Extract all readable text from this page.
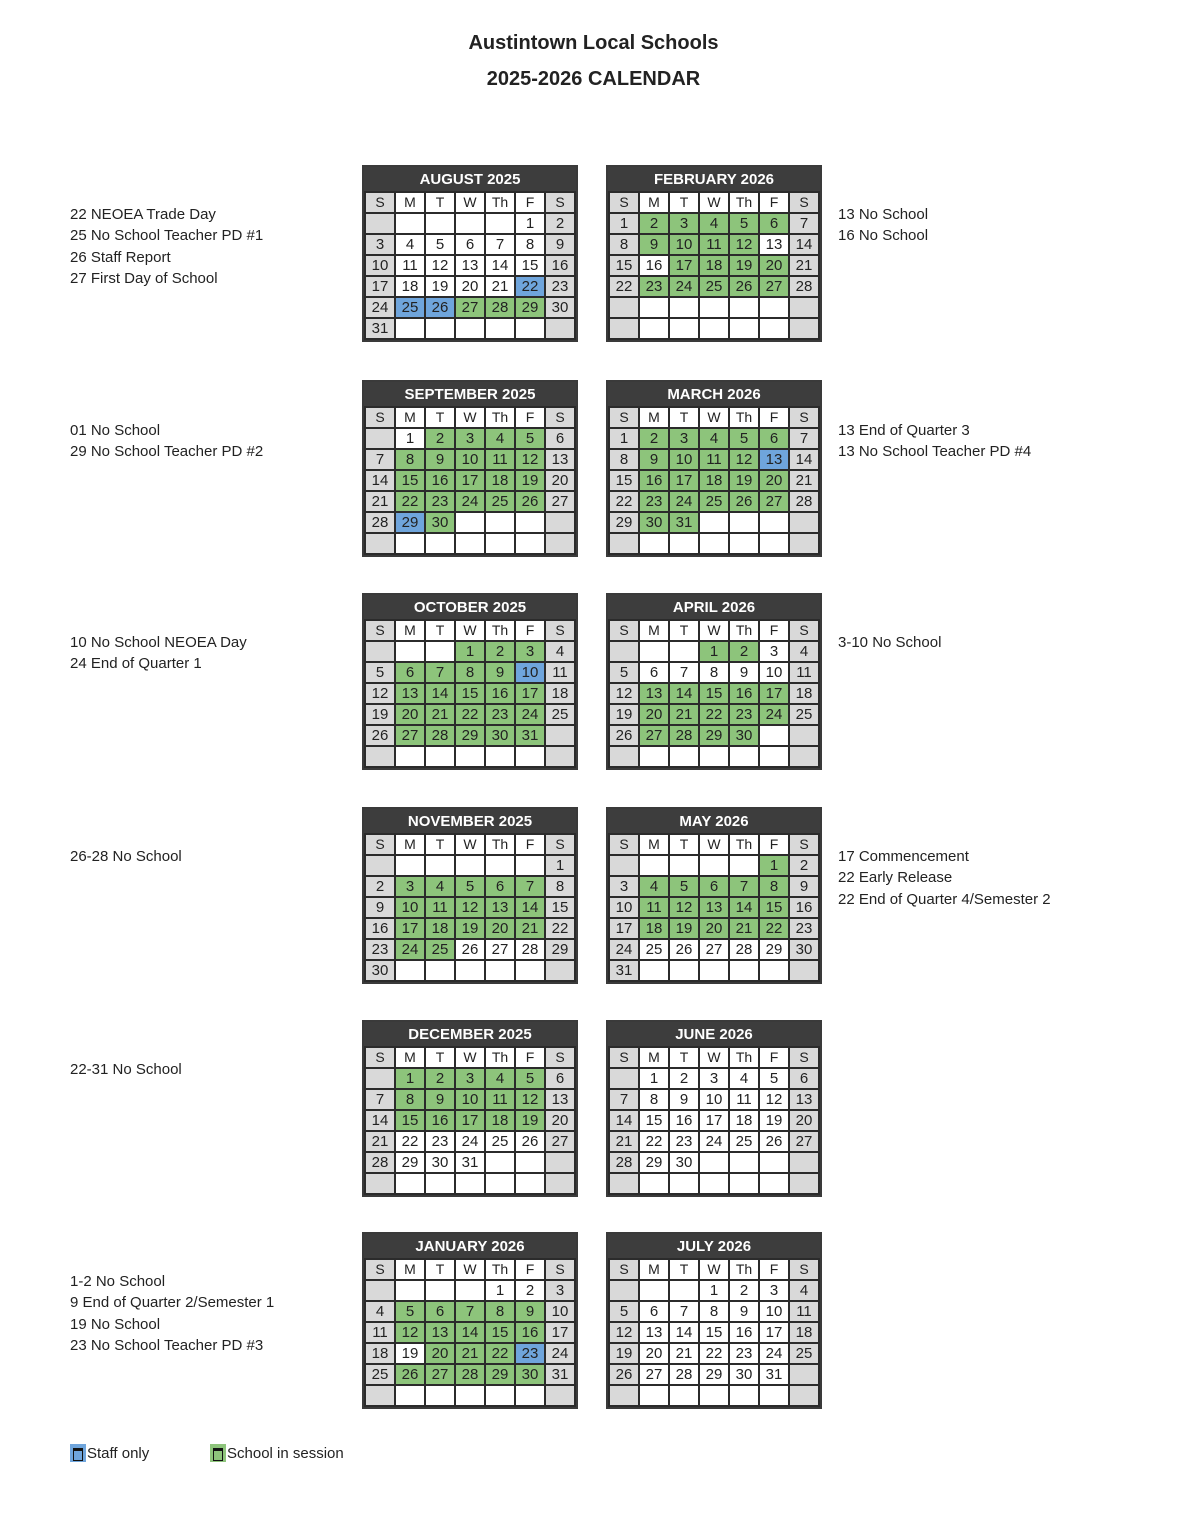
Austintown Local Schools
2025-2026 CALENDAR
22 NEOEA Trade Day
25 No School Teacher PD #1
26 Staff Report
27 First Day of School
01 No School
29 No School Teacher PD #2
10 No School NEOEA Day
24 End of Quarter 1
26-28 No School
22-31 No School
1-2 No School
9 End of Quarter 2/Semester 1
19 No School
23 No School Teacher PD #3
13 No School
16 No School
13 End of Quarter 3
13 No School Teacher PD #4
3-10 No School
17 Commencement
22 Early Release
22 End of Quarter 4/Semester 2
AUGUST 2025
S	M	T	W	Th	F	S
					1	2
3	4	5	6	7	8	9
10	11	12	13	14	15	16
17	18	19	20	21	22	23
24	25	26	27	28	29	30
31						
FEBRUARY 2026
S	M	T	W	Th	F	S
1	2	3	4	5	6	7
8	9	10	11	12	13	14
15	16	17	18	19	20	21
22	23	24	25	26	27	28

SEPTEMBER 2025
S	M	T	W	Th	F	S
	1	2	3	4	5	6
7	8	9	10	11	12	13
14	15	16	17	18	19	20
21	22	23	24	25	26	27
28	29	30				

MARCH 2026
S	M	T	W	Th	F	S
1	2	3	4	5	6	7
8	9	10	11	12	13	14
15	16	17	18	19	20	21
22	23	24	25	26	27	28
29	30	31				

OCTOBER 2025
S	M	T	W	Th	F	S
			1	2	3	4
5	6	7	8	9	10	11
12	13	14	15	16	17	18
19	20	21	22	23	24	25
26	27	28	29	30	31	

APRIL 2026
S	M	T	W	Th	F	S
			1	2	3	4
5	6	7	8	9	10	11
12	13	14	15	16	17	18
19	20	21	22	23	24	25
26	27	28	29	30		

NOVEMBER 2025
S	M	T	W	Th	F	S
						1
2	3	4	5	6	7	8
9	10	11	12	13	14	15
16	17	18	19	20	21	22
23	24	25	26	27	28	29
30						
MAY 2026
S	M	T	W	Th	F	S
					1	2
3	4	5	6	7	8	9
10	11	12	13	14	15	16
17	18	19	20	21	22	23
24	25	26	27	28	29	30
31						
DECEMBER 2025
S	M	T	W	Th	F	S
	1	2	3	4	5	6
7	8	9	10	11	12	13
14	15	16	17	18	19	20
21	22	23	24	25	26	27
28	29	30	31			

JUNE 2026
S	M	T	W	Th	F	S
	1	2	3	4	5	6
7	8	9	10	11	12	13
14	15	16	17	18	19	20
21	22	23	24	25	26	27
28	29	30				

JANUARY 2026
S	M	T	W	Th	F	S
				1	2	3
4	5	6	7	8	9	10
11	12	13	14	15	16	17
18	19	20	21	22	23	24
25	26	27	28	29	30	31

JULY 2026
S	M	T	W	Th	F	S
			1	2	3	4
5	6	7	8	9	10	11
12	13	14	15	16	17	18
19	20	21	22	23	24	25
26	27	28	29	30	31	

Staff only	School in session
